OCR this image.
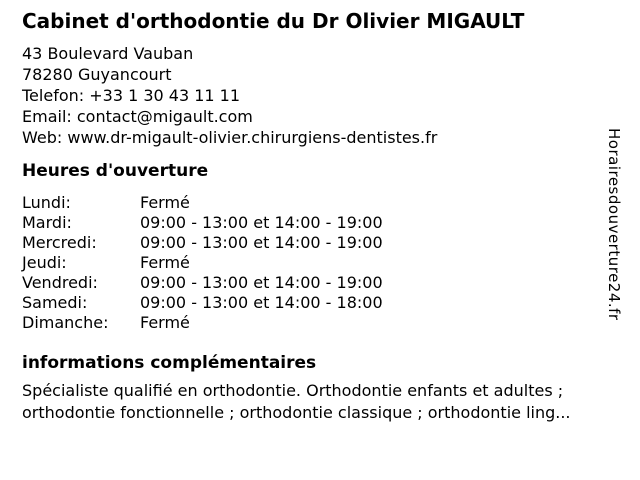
Cabinet d'orthodontie du Dr Olivier MIGAULT
43 Boulevard Vauban
78280 Guyancourt
Telefon: +33 1 30 43 11 11
Email: contact@migault.com
Web: www.dr-migault-olivier.chirurgiens-dentistes.fr
Heures d'ouverture
Lundi:	Fermé
Mardi:	09:00 - 13:00 et 14:00 - 19:00
Mercredi:	09:00 - 13:00 et 14:00 - 19:00
Jeudi:	Fermé
Vendredi:	09:00 - 13:00 et 14:00 - 19:00
Samedi:	09:00 - 13:00 et 14:00 - 18:00
Dimanche: Fermé
informations complémentaires

Spécialiste qualifié en orthodontie. Orthodontie enfants et adultes ; orthodontie fonctionnelle ; orthodontie classique ; orthodontie ling...

Horairesdouverture24.fr
